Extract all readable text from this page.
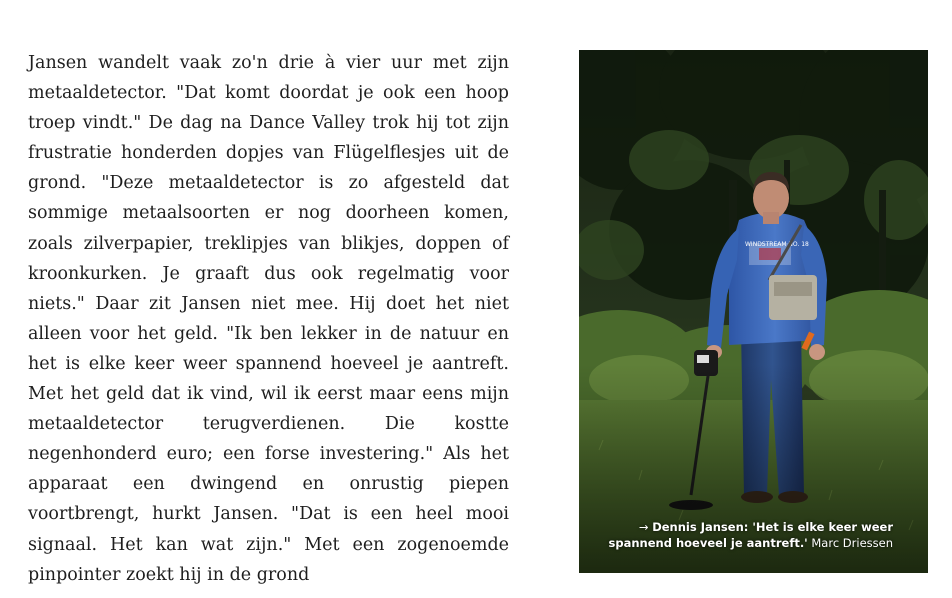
Jansen wandelt vaak zo'n drie à vier uur met zijn metaaldetector. "Dat komt doordat je ook een hoop troep vindt." De dag na Dance Valley trok hij tot zijn frustratie honderden dopjes van Flügelflesjes uit de grond. "Deze metaaldetector is zo afgesteld dat sommige metaalsoorten er nog doorheen komen, zoals zilverpapier, treklipjes van blikjes, doppen of kroonkurken. Je graaft dus ook regelmatig voor niets." Daar zit Jansen niet mee. Hij doet het niet alleen voor het geld. "Ik ben lekker in de natuur en het is elke keer weer spannend hoeveel je aantreft. Met het geld dat ik vind, wil ik eerst maar eens mijn metaaldetector terugverdienen. Die kostte negenhonderd euro; een forse investering." Als het apparaat een dwingend en onrustig piepen voortbrengt, hurkt Jansen. "Dat is een heel mooi signaal. Het kan wat zijn." Met een zogenoemde pinpointer zoekt hij in de grond

→ Dennis Jansen: 'Het is elke keer weer spannend hoeveel je aantreft.' Marc Driessen
